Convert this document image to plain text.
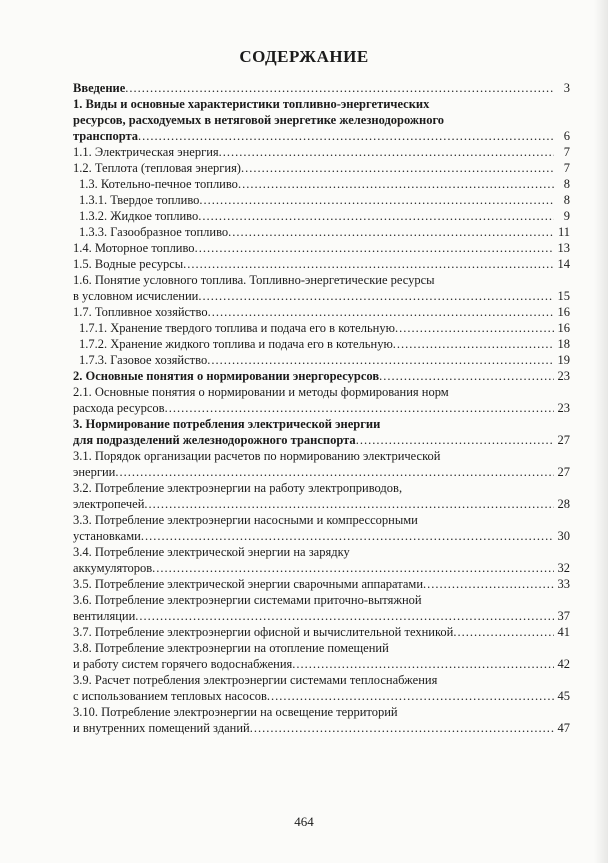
СОДЕРЖАНИЕ
Введение .....	3
1. Виды и основные характеристики топливно-энергетических
ресурсов, расходуемых в нетяговой энергетике железнодорожного
транспорта .....	6
1.1. Электрическая энергия .....	7
1.2. Теплота (тепловая энергия) .....	7
1.3. Котельно-печное топливо .....	8
1.3.1. Твердое топливо .....	8
1.3.2. Жидкое топливо .....	9
1.3.3. Газообразное топливо .....	11
1.4. Моторное топливо .....	13
1.5. Водные ресурсы .....	14
1.6. Понятие условного топлива. Топливно-энергетические ресурсы
в условном исчислении .....	15
1.7. Топливное хозяйство .....	16
1.7.1. Хранение твердого топлива и подача его в котельную .....	16
1.7.2. Хранение жидкого топлива и подача его в котельную .....	18
1.7.3. Газовое хозяйство .....	19
2. Основные понятия о нормировании энергоресурсов .....	23
2.1. Основные понятия о нормировании и методы формирования норм
расхода ресурсов .....	23
3. Нормирование потребления электрической энергии
для подразделений железнодорожного транспорта .....	27
3.1. Порядок организации расчетов по нормированию электрической
энергии .....	27
3.2. Потребление электроэнергии на работу электроприводов,
электропечей .....	28
3.3. Потребление электроэнергии насосными и компрессорными
установками .....	30
3.4. Потребление электрической энергии на зарядку
аккумуляторов .....	32
3.5. Потребление электрической энергии сварочными аппаратами .....	33
3.6. Потребление электроэнергии системами приточно-вытяжной
вентиляции .....	37
3.7. Потребление электроэнергии офисной и вычислительной техникой .....	41
3.8. Потребление электроэнергии на отопление помещений
и работу систем горячего водоснабжения .....	42
3.9. Расчет потребления электроэнергии системами теплоснабжения
с использованием тепловых насосов .....	45
3.10. Потребление электроэнергии на освещение территорий
и внутренних помещений зданий .....	47
464
